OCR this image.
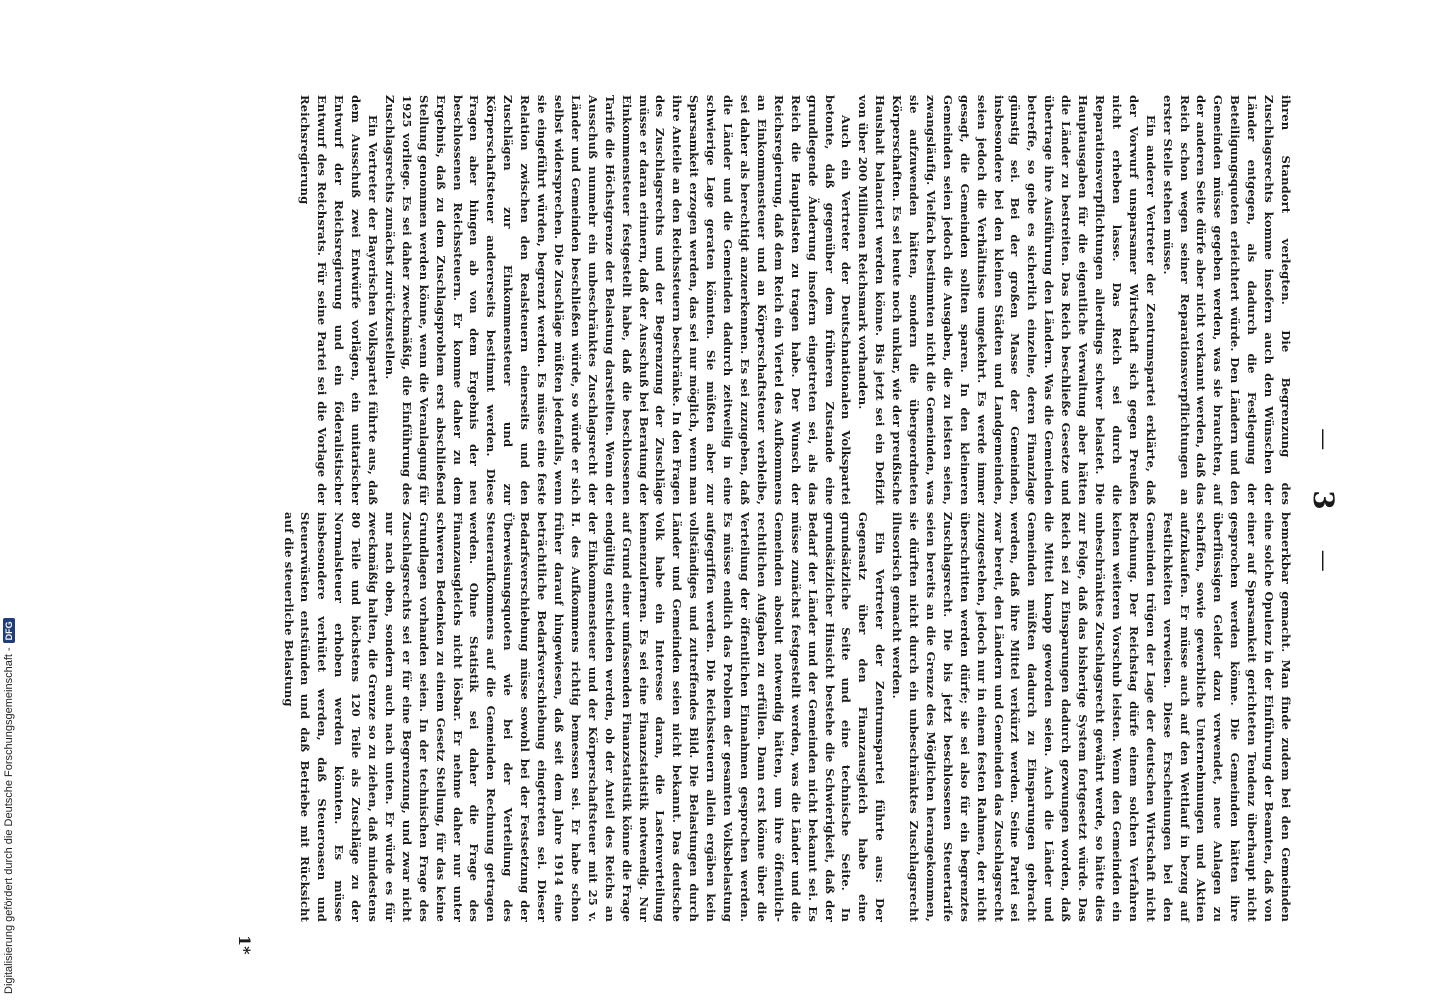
—
3
—

ihren Standort verlegten. Die Begrenzung des Zuschlagsrechts komme insofern auch den Wünschen der Länder entgegen, als dadurch die Festlegung der Beteiligungsquoten erleichtert würde. Den Ländern und den Gemeinden müsse gegeben werden, was sie brauchten, auf der anderen Seite dürfe aber nicht verkannt werden, daß das Reich schon wegen seiner Reparationsverpflichtungen an erster Stelle stehen müsse.

Ein anderer Vertreter der Zentrumspartei erklärte, daß der Vorwurf unsparsamer Wirtschaft sich gegen Preußen nicht erheben lasse. Das Reich sei durch die Reparationsverpflichtungen allerdings schwer belastet. Die Hauptausgaben für die eigentliche Verwaltung aber hätten die Länder zu bestreiten. Das Reich beschließe Gesetze und übertrage ihre Ausführung den Ländern. Was die Gemeinden betreffe, so gebe es sicherlich einzelne, deren Finanzlage günstig sei. Bei der großen Masse der Gemeinden, insbesondere bei den kleinen Städten und Landgemeinden, seien jedoch die Verhältnisse umgekehrt. Es werde immer gesagt, die Gemeinden sollten sparen. In den kleineren Gemeinden seien jedoch die Ausgaben, die zu leisten seien, zwangsläufig. Vielfach bestimmten nicht die Gemeinden, was sie aufzuwenden hätten, sondern die übergeordneten Körperschaften. Es sei heute noch unklar, wie der preußische Haushalt balanciert werden könne. Bis jetzt sei ein Defizit von über 200 Millionen Reichsmark vorhanden.

Auch ein Vertreter der Deutschnationalen Volkspartei betonte, daß gegenüber dem früheren Zustande eine grundlegende Änderung insofern eingetreten sei, als das Reich die Hauptlasten zu tragen habe. Der Wunsch der Reichsregierung, daß dem Reich ein Viertel des Aufkommens an Einkommensteuer und an Körperschaftsteuer verbleibe, sei daher als berechtigt anzuerkennen. Es sei zuzugeben, daß die Länder und die Gemeinden dadurch zeitweilig in eine schwierige Lage geraten könnten. Sie müßten aber zur Sparsamkeit erzogen werden, das sei nur möglich, wenn man ihre Anteile an den Reichssteuern beschränke. In den Fragen des Zuschlagsrechts und der Begrenzung der Zuschläge müsse er daran erinnern, daß der Ausschuß bei Beratung der Einkommensteuer festgestellt habe, daß die beschlossenen Tarife die Höchstgrenze der Belastung darstellten. Wenn der Ausschuß nunmehr ein unbeschränktes Zuschlagsrecht der Länder und Gemeinden beschließen würde, so würde er sich selbst widersprechen. Die Zuschläge müßten jedenfalls, wenn sie eingeführt würden, begrenzt werden. Es müsse eine feste Relation zwischen den Realsteuern einerseits und den Zuschlägen zur Einkommensteuer und zur Körperschaftsteuer andererseits bestimmt werden. Diese Fragen aber hingen ab von dem Ergebnis der neu beschlossenen Reichssteuern. Er komme daher zu dem Ergebnis, daß zu dem Zuschlagsproblem erst abschließend Stellung genommen werden könne, wenn die Veranlagung für 1925 vorliege. Es sei daher zweckmäßig, die Einführung des Zuschlagsrechts zunächst zurückzustellen.

Ein Vertreter der Bayerischen Volkspartei führte aus, daß dem Ausschuß zwei Entwürfe vorlägen, ein unitarischer Entwurf der Reichsregierung und ein föderalistischer Entwurf des Reichsrats. Für seine Partei sei die Vorlage der Reichsregierung

bemerkbar gemacht. Man finde zudem bei den Gemeinden eine solche Opulenz in der Einführung der Beamten, daß von einer auf Sparsamkeit gerichteten Tendenz überhaupt nicht gesprochen werden könne. Die Gemeinden hätten ihre überflüssigen Gelder dazu verwendet, neue Anlagen zu schaffen, sowie gewerbliche Unternehmungen und Aktien aufzukaufen. Er müsse auch auf den Wettlauf in bezug auf Festlichkeiten verweisen. Diese Erscheinungen bei den Gemeinden trügen der Lage der deutschen Wirtschaft nicht Rechnung. Der Reichstag dürfe einem solchen Verfahren keinen weiteren Vorschub leisten. Wenn den Gemeinden ein unbeschränktes Zuschlagsrecht gewährt werde, so hätte dies zur Folge, daß das bisherige System fortgesetzt würde. Das Reich sei zu Einsparungen dadurch gezwungen worden, daß die Mittel knapp geworden seien. Auch die Länder und Gemeinden müßten dadurch zu Einsparungen gebracht werden, daß ihre Mittel verkürzt werden. Seine Partei sei zwar bereit, den Ländern und Gemeinden das Zuschlagsrecht zuzugestehen, jedoch nur in einem festen Rahmen, der nicht überschritten werden dürfe; sie sei also für ein begrenztes Zuschlagsrecht. Die bis jetzt beschlossenen Steuertarife seien bereits an die Grenze des Möglichen herangekommen, sie dürften nicht durch ein unbeschränktes Zuschlagsrecht illusorisch gemacht werden.

Ein Vertreter der Zentrumspartei führte aus: Der Gegensatz über den Finanzausgleich habe eine grundsätzliche Seite und eine technische Seite. In grundsätzlicher Hinsicht bestehe die Schwierigkeit, daß der Bedarf der Länder und der Gemeinden nicht bekannt sei. Es müsse zunächst festgestellt werden, was die Länder und die Gemeinden absolut notwendig hätten, um ihre öffentlich-rechtlichen Aufgaben zu erfüllen. Dann erst könne über die Verteilung der öffentlichen Einnahmen gesprochen werden. Es müsse endlich das Problem der gesamten Volksbelastung aufgegriffen werden. Die Reichssteuern allein ergäben kein vollständiges und zutreffendes Bild. Die Belastungen durch Länder und Gemeinden seien nicht bekannt. Das deutsche Volk habe ein Interesse daran, die Lastenverteilung kennenzulernen. Es sei eine Finanzstatistik notwendig. Nur auf Grund einer umfassenden Finanzstatistik könne die Frage endgültig entschieden werden, ob der Anteil des Reichs an der Einkommensteuer und der Körperschaftsteuer mit 25 v. H. des Aufkommens richtig bemessen sei. Er habe schon früher darauf hingewiesen, daß seit dem Jahre 1914 eine beträchtliche Bedarfsverschiebung eingetreten sei. Dieser Bedarfsverschiebung müsse sowohl bei der Festsetzung der Überweisungsquoten wie bei der Verteilung des Steueraufkommens auf die Gemeinden Rechnung getragen werden. Ohne Statistik sei daher die Frage des Finanzausgleichs nicht lösbar. Er nehme daher nur unter schweren Bedenken zu einem Gesetz Stellung, für das keine Grundlagen vorhanden seien. In der technischen Frage des Zuschlagsrechts sei er für eine Begrenzung, und zwar nicht nur nach oben, sondern auch nach unten. Er würde es für zweckmäßig halten, die Grenze so zu ziehen, daß mindestens 80 Teile und höchstens 120 Teile als Zuschläge zu der Normalsteuer erhoben werden könnten. Es müsse insbesondere verhütet werden, daß Steueroasen und Steuerwüsten entstünden und daß Betriebe mit Rücksicht auf die steuerliche Belastung

1*
Digitalisierung gefördert durch die Deutsche Forschungsgemeinschaft -
DFG
